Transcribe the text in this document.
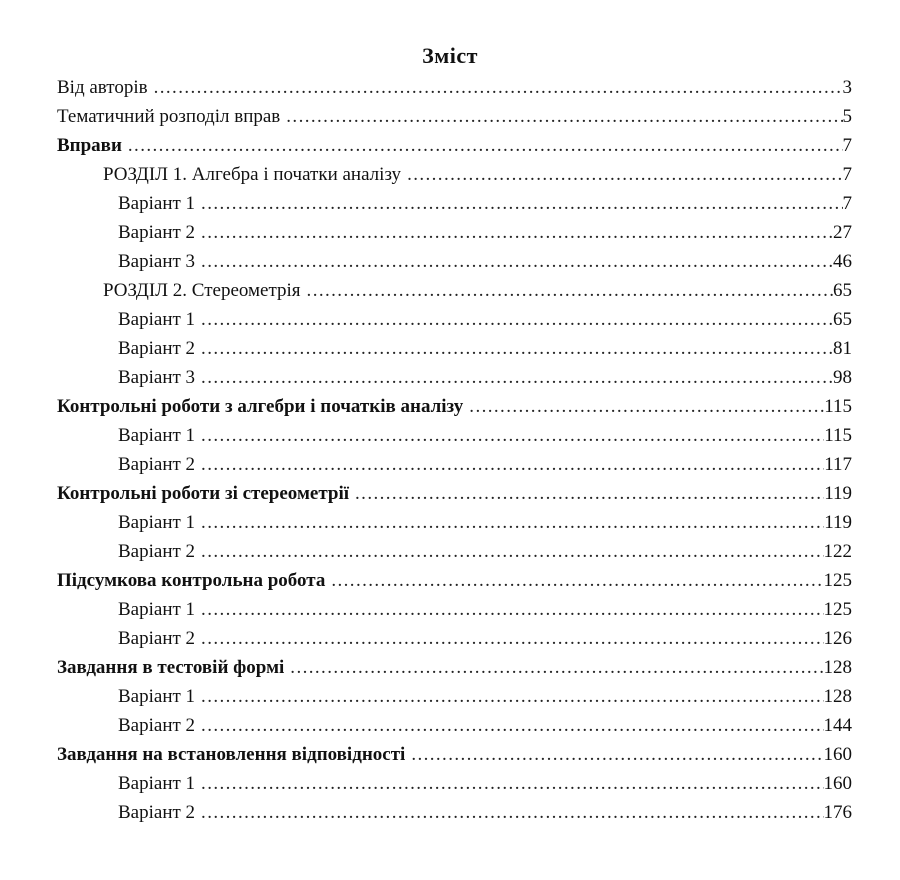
Зміст
Від авторів .....	3
Тематичний розподіл вправ .....	5
Вправи .....	7
РОЗДІЛ 1. Алгебра і початки аналізу .....	7
Варіант 1 .....	7
Варіант 2 .....	27
Варіант 3 .....	46
РОЗДІЛ 2. Стереометрія .....	65
Варіант 1 .....	65
Варіант 2 .....	81
Варіант 3 .....	98
Контрольні роботи з алгебри і початків аналізу .....	115
Варіант 1 .....	115
Варіант 2 .....	117
Контрольні роботи зі стереометрії .....	119
Варіант 1 .....	119
Варіант 2 .....	122
Підсумкова контрольна робота .....	125
Варіант 1 .....	125
Варіант 2 .....	126
Завдання в тестовій формі .....	128
Варіант 1 .....	128
Варіант 2 .....	144
Завдання на встановлення відповідності .....	160
Варіант 1 .....	160
Варіант 2 .....	176
